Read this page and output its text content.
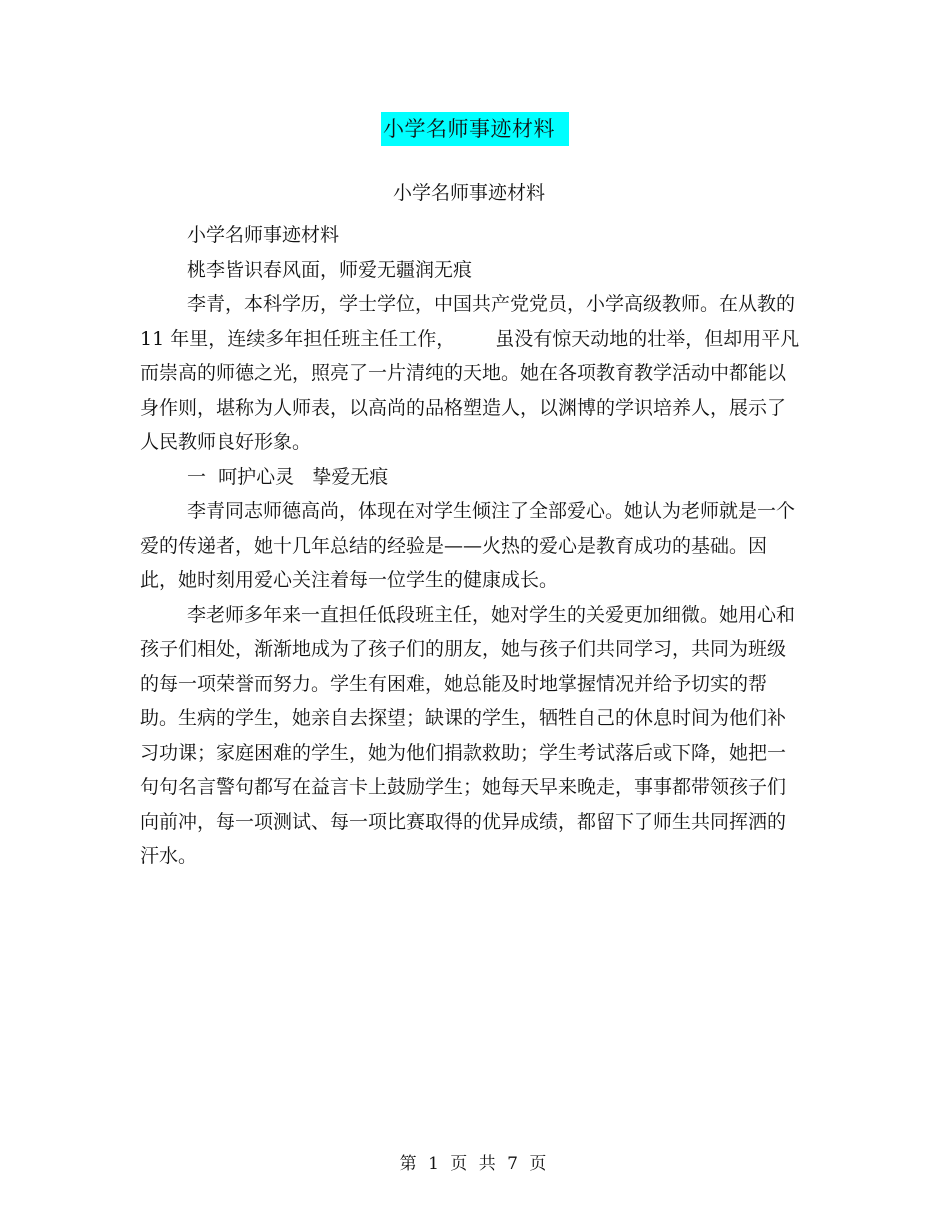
小学名师事迹材料
小学名师事迹材料

小学名师事迹材料

桃李皆识春风面，师爱无疆润无痕

李青，本科学历，学士学位，中国共产党党员，小学高级教师。在从教的 11 年里，连续多年担任班主任工作， 虽没有惊天动地的壮举，但却用平凡而崇高的师德之光，照亮了一片清纯的天地。她在各项教育教学活动中都能以身作则，堪称为人师表，以高尚的品格塑造人，以渊博的学识培养人，展示了人民教师良好形象。

一  呵护心灵   挚爱无痕

李青同志师德高尚，体现在对学生倾注了全部爱心。她认为老师就是一个爱的传递者，她十几年总结的经验是——火热的爱心是教育成功的基础。因此，她时刻用爱心关注着每一位学生的健康成长。

李老师多年来一直担任低段班主任，她对学生的关爱更加细微。她用心和孩子们相处，渐渐地成为了孩子们的朋友，她与孩子们共同学习，共同为班级的每一项荣誉而努力。学生有困难，她总能及时地掌握情况并给予切实的帮助。生病的学生，她亲自去探望；缺课的学生，牺牲自己的休息时间为他们补习功课；家庭困难的学生，她为他们捐款救助；学生考试落后或下降，她把一句句名言警句都写在益言卡上鼓励学生；她每天早来晚走，事事都带领孩子们向前冲，每一项测试、每一项比赛取得的优异成绩，都留下了师生共同挥洒的汗水。

第 1 页 共 7 页
